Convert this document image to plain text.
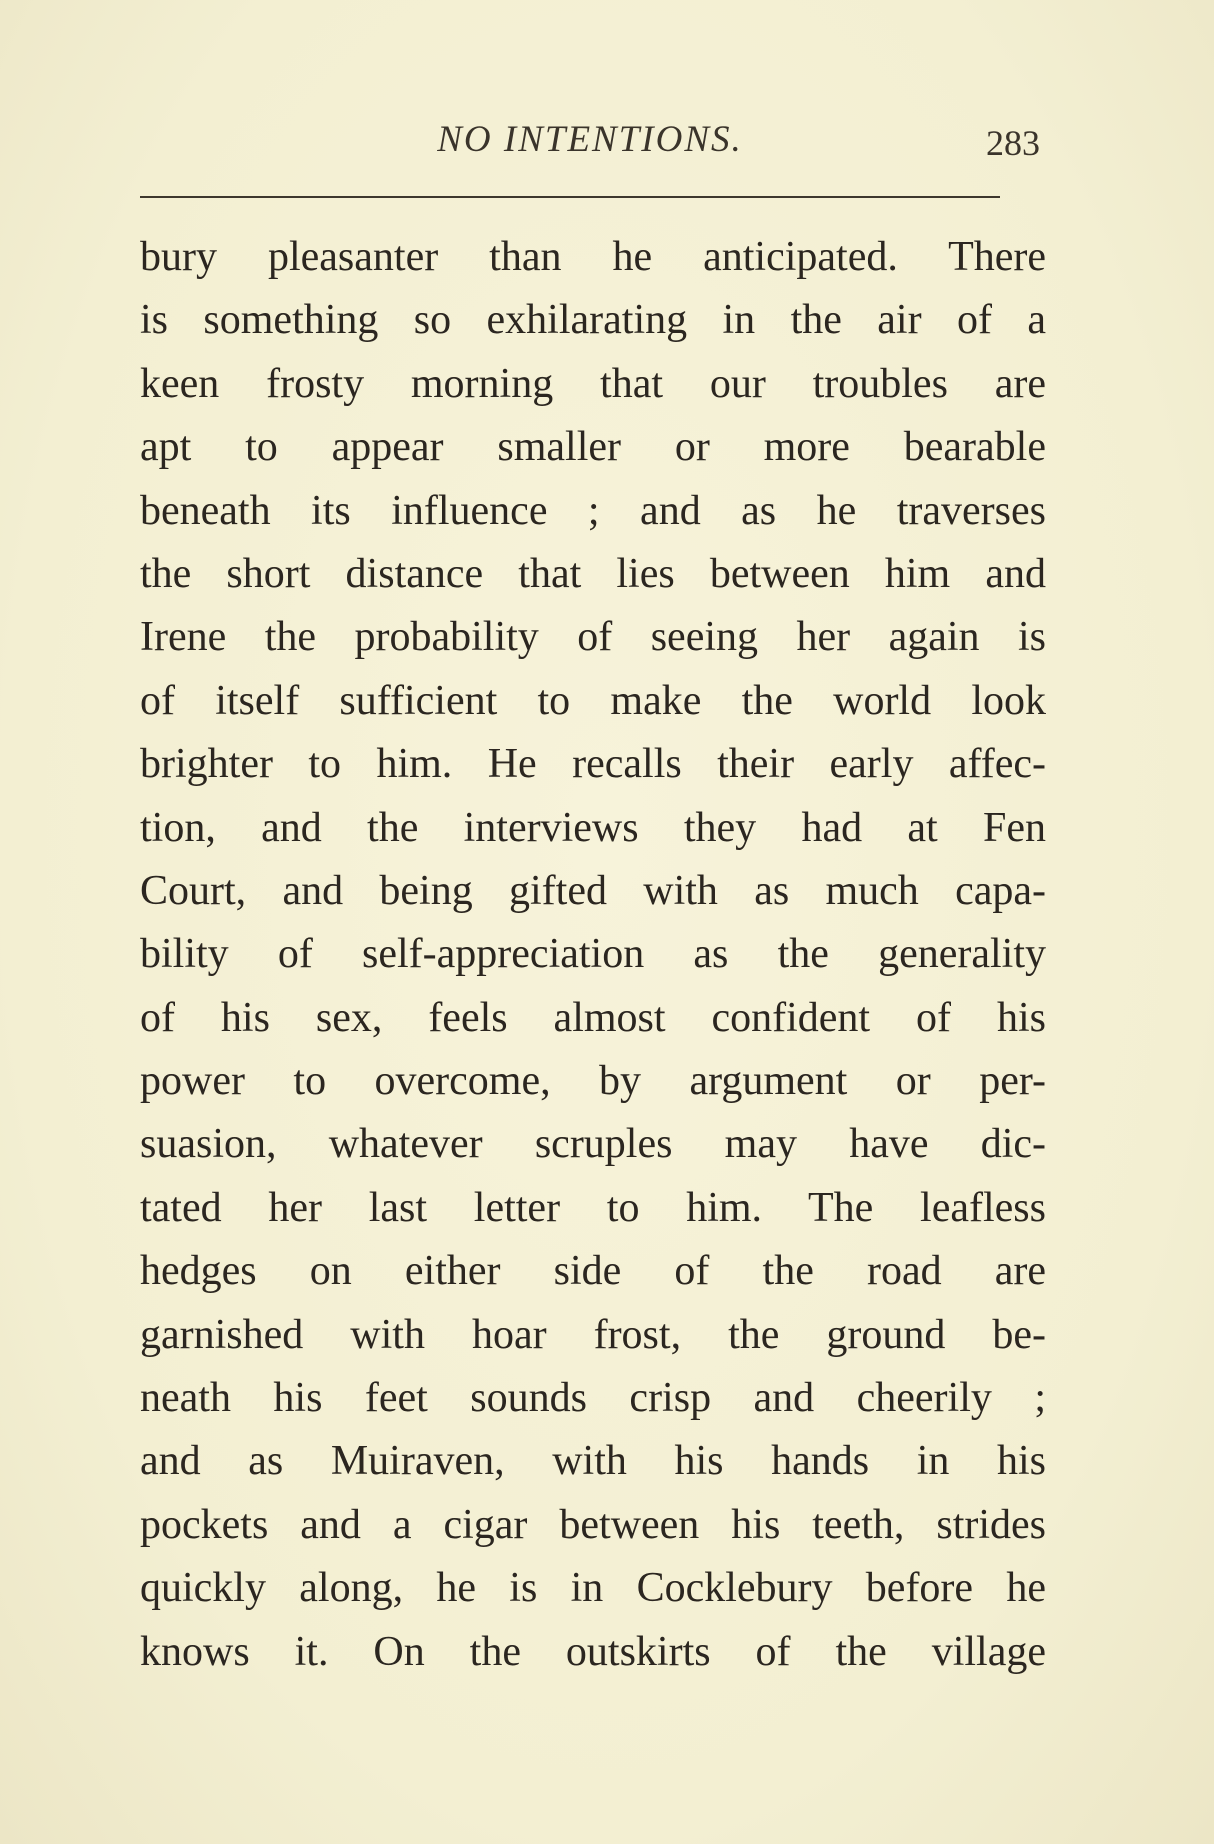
NO INTENTIONS.	283
bury pleasanter than he anticipated. There
is something so exhilarating in the air of a
keen frosty morning that our troubles are
apt to appear smaller or more bearable
beneath its influence ; and as he traverses
the short distance that lies between him and
Irene the probability of seeing her again is
of itself sufficient to make the world look
brighter to him. He recalls their early affec-
tion, and the interviews they had at Fen
Court, and being gifted with as much capa-
bility of self-appreciation as the generality
of his sex, feels almost confident of his
power to overcome, by argument or per-
suasion, whatever scruples may have dic-
tated her last letter to him. The leafless
hedges on either side of the road are
garnished with hoar frost, the ground be-
neath his feet sounds crisp and cheerily ;
and as Muiraven, with his hands in his
pockets and a cigar between his teeth, strides
quickly along, he is in Cocklebury before he
knows it. On the outskirts of the village
